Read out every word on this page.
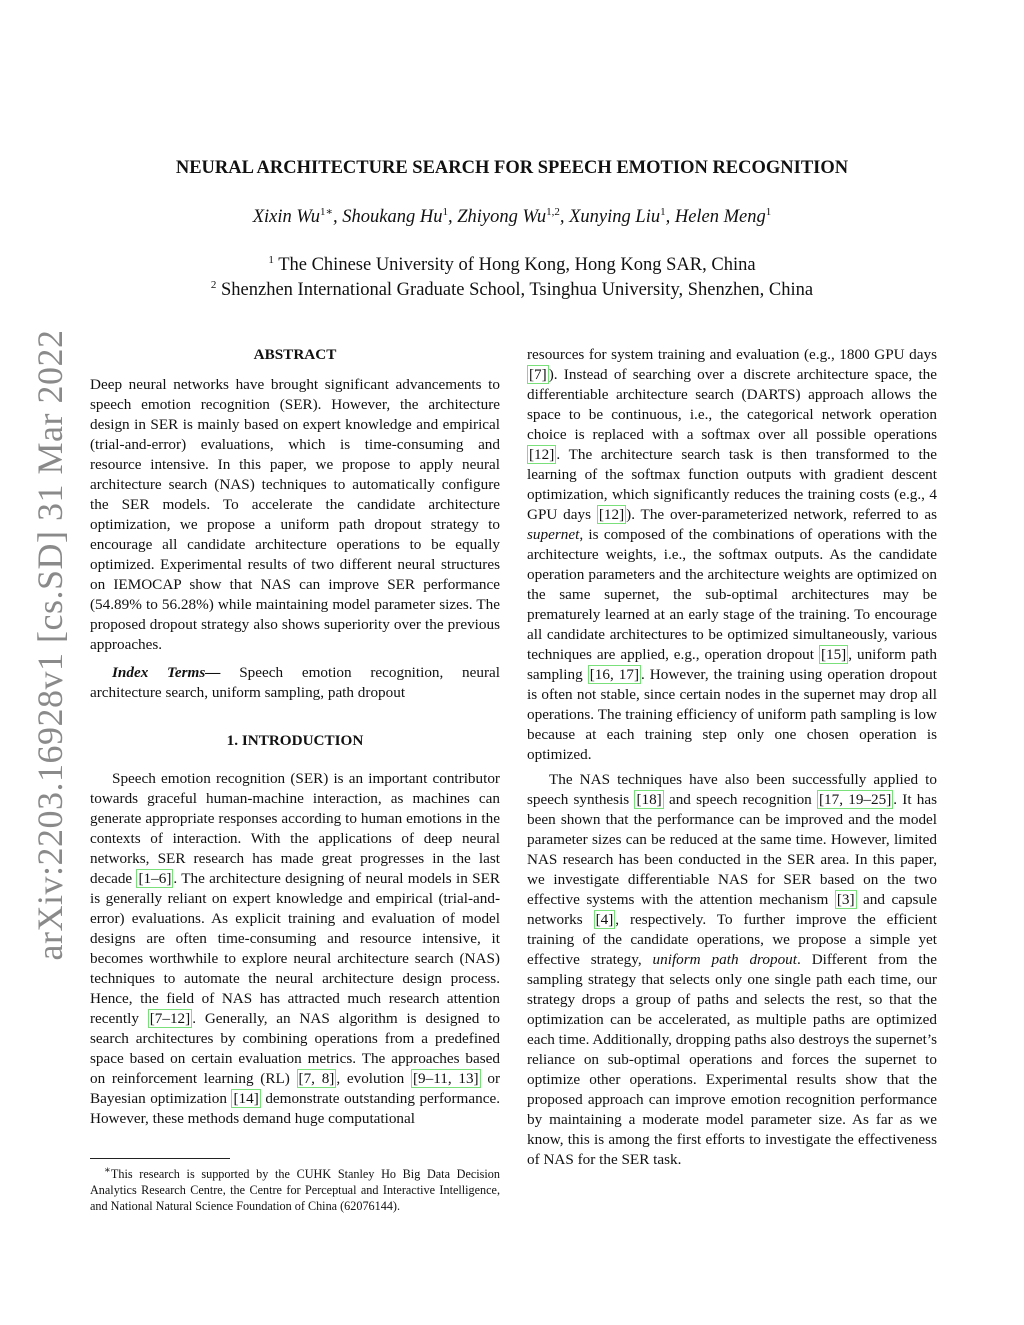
arXiv:2203.16928v1 [cs.SD] 31 Mar 2022
NEURAL ARCHITECTURE SEARCH FOR SPEECH EMOTION RECOGNITION
Xixin $Wu^{1∗}$, Shoukang Hu$^1$, Zhiyong Wu$^{1,2}$, Xunying Liu$^1$, Helen Meng$^1$
$^1$ The Chinese University of Hong Kong, Hong Kong SAR, China
$^2$ Shenzhen International Graduate School, Tsinghua University, Shenzhen, China
ABSTRACT

Deep neural networks have brought significant advancements to speech emotion recognition (SER). However, the architecture design in SER is mainly based on expert knowledge and empirical (trial-and-error) evaluations, which is time-consuming and resource intensive. In this paper, we propose to apply neural architecture search (NAS) techniques to automatically configure the SER models. To accelerate the candidate architecture optimization, we propose a uniform path dropout strategy to encourage all candidate architecture operations to be equally optimized. Experimental results of two different neural structures on IEMOCAP show that NAS can improve SER performance (54.89% to 56.28%) while maintaining model parameter sizes. The proposed dropout strategy also shows superiority over the previous approaches.

Index Terms— Speech emotion recognition, neural architecture search, uniform sampling, path dropout

1. INTRODUCTION

Speech emotion recognition (SER) is an important contributor towards graceful human-machine interaction, as machines can generate appropriate responses according to human emotions in the contexts of interaction. With the applications of deep neural networks, SER research has made great progresses in the last decade [1–6] . The architecture designing of neural models in SER is generally reliant on expert knowledge and empirical (trial-and-error) evaluations. As explicit training and evaluation of model designs are often time-consuming and resource intensive, it becomes worthwhile to explore neural architecture search (NAS) techniques to automate the neural architecture design process. Hence, the field of NAS has attracted much research attention recently [7–12] . Generally, an NAS algorithm is designed to search architectures by combining operations from a predefined space based on certain evaluation metrics. The approaches based on reinforcement learning (RL) [7, 8] , evolution [9–11, 13] or Bayesian optimization [14] demonstrate outstanding performance. However, these methods demand huge computational

resources for system training and evaluation (e.g., 1800 GPU days [7] ). Instead of searching over a discrete architecture space, the differentiable architecture search (DARTS) approach allows the space to be continuous, i.e., the categorical network operation choice is replaced with a softmax over all possible operations [12] . The architecture search task is then transformed to the learning of the softmax function outputs with gradient descent optimization, which significantly reduces the training costs (e.g., 4 GPU days [12] ). The over-parameterized network, referred to as supernet, is composed of the combinations of operations with the architecture weights, i.e., the softmax outputs. As the candidate operation parameters and the architecture weights are optimized on the same supernet, the sub-optimal architectures may be prematurely learned at an early stage of the training. To encourage all candidate architectures to be optimized simultaneously, various techniques are applied, e.g., operation dropout [15] , uniform path sampling [16, 17] . However, the training using operation dropout is often not stable, since certain nodes in the supernet may drop all operations. The training efficiency of uniform path sampling is low because at each training step only one chosen operation is optimized.

The NAS techniques have also been successfully applied to speech synthesis [18] and speech recognition [17, 19–25] . It has been shown that the performance can be improved and the model parameter sizes can be reduced at the same time. However, limited NAS research has been conducted in the SER area. In this paper, we investigate differentiable NAS for SER based on the two effective systems with the attention mechanism [3] and capsule networks [4] , respectively. To further improve the efficient training of the candidate operations, we propose a simple yet effective strategy, uniform path dropout. Different from the sampling strategy that selects only one single path each time, our strategy drops a group of paths and selects the rest, so that the optimization can be accelerated, as multiple paths are optimized each time. Additionally, dropping paths also destroys the supernet’s reliance on sub-optimal operations and forces the supernet to optimize other operations. Experimental results show that the proposed approach can improve emotion recognition performance by maintaining a moderate model parameter size. As far as we know, this is among the first efforts to investigate the effectiveness of NAS for the SER task.

∗This research is supported by the CUHK Stanley Ho Big Data Decision Analytics Research Centre, the Centre for Perceptual and Interactive Intelligence, and National Natural Science Foundation of China (62076144).
